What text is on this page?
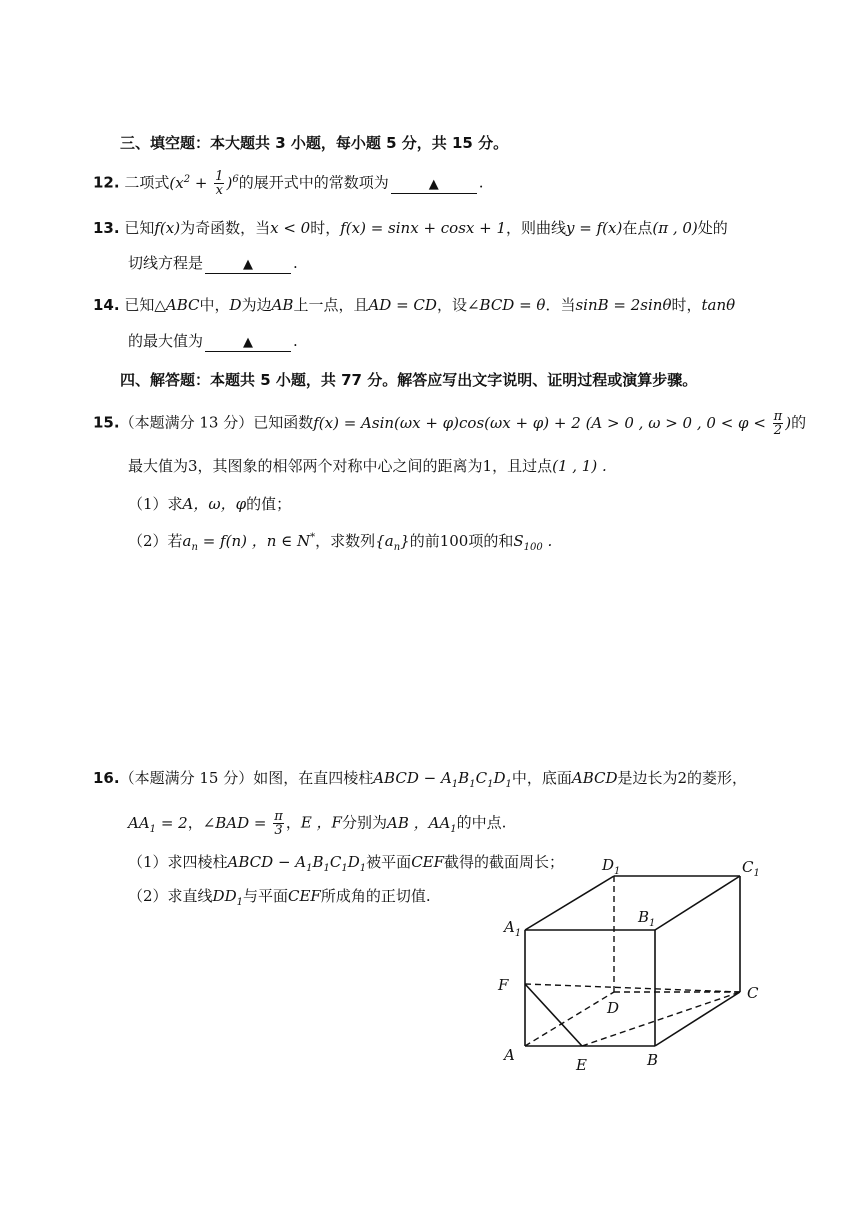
三、填空题：本大题共 3 小题，每小题 5 分，共 15 分。
12. 二项式$(x^2 + \frac{1}{x} )^6$的展开式中的常数项为	▲	.
13. 已知f(x)为奇函数，当x < 0时，f(x) = sinx + cosx + 1，则曲线y = f(x)在点(π , 0)处的
切线方程是	▲	.
14. 已知△ABC中，D为边AB上一点，且AD = CD，设∠BCD = θ．当sinB = 2sinθ时，tanθ
的最大值为	▲	.
四、解答题：本题共 5 小题，共 77 分。解答应写出文字说明、证明过程或演算步骤。
15.（本题满分 13 分）已知函数f(x) = Asin(ωx + φ)cos(ωx + φ) + 2 (A > 0 , ω > 0 , $0 < \varphi < \frac{\pi}{2}$ )的
最大值为3，其图象的相邻两个对称中心之间的距离为1，且过点(1 , 1) .
（1）求A，ω，φ的值；
（2）若$a_n = f(n)$ ，n ∈ N*，求数列$\{a_n\}$的前100项的和$S_{100}$ .
16.（本题满分 15 分）如图，在直四棱柱ABCD − $A_1B_1C_1D_1$中，底面ABCD是边长为2的菱形，
$AA_1 = 2$，∠BAD = $\frac{\pi}{3}$ ，E ，F分别为AB ，$AA_1$的中点.
（1）求四棱柱ABCD − $A_1B_1C_1D_1$被平面CEF截得的截面周长；
（2）求直线$DD_1$与平面CEF所成角的正切值.
$D_1$	$C_1$
$A_1$
$B_1$
F
D
C
A
E	B
